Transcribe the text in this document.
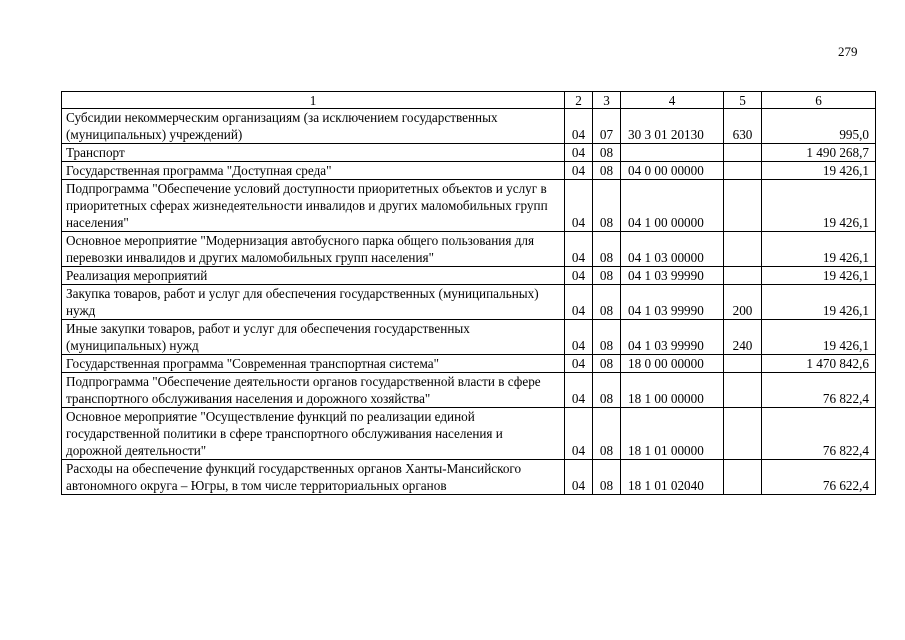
279
1	2	3	4	5	6
Субсидии некоммерческим организациям (за исключением государственных (муниципальных) учреждений)	04	07	30 3 01 20130	630	995,0
Транспорт	04	08			1 490 268,7
Государственная программа "Доступная среда"	04	08	04 0 00 00000		19 426,1
Подпрограмма "Обеспечение условий доступности приоритетных объектов и услуг в приоритетных сферах жизнедеятельности инвалидов и других маломобильных групп населения"	04	08	04 1 00 00000		19 426,1
Основное мероприятие "Модернизация автобусного парка общего пользования для перевозки инвалидов и других маломобильных групп населения"	04	08	04 1 03 00000		19 426,1
Реализация мероприятий	04	08	04 1 03 99990		19 426,1
Закупка товаров, работ и услуг для обеспечения государственных (муниципальных) нужд	04	08	04 1 03 99990	200	19 426,1
Иные закупки товаров, работ и услуг для обеспечения государственных (муниципальных) нужд	04	08	04 1 03 99990	240	19 426,1
Государственная программа "Современная транспортная система"	04	08	18 0 00 00000		1 470 842,6
Подпрограмма "Обеспечение деятельности органов государственной власти в сфере транспортного обслуживания населения и дорожного хозяйства"	04	08	18 1 00 00000		76 822,4
Основное мероприятие "Осуществление функций по реализации единой государственной политики в сфере транспортного обслуживания населения и дорожной деятельности"	04	08	18 1 01 00000		76 822,4
Расходы на обеспечение функций государственных органов Ханты-Мансийского автономного округа – Югры, в том числе территориальных органов	04	08	18 1 01 02040		76 622,4
